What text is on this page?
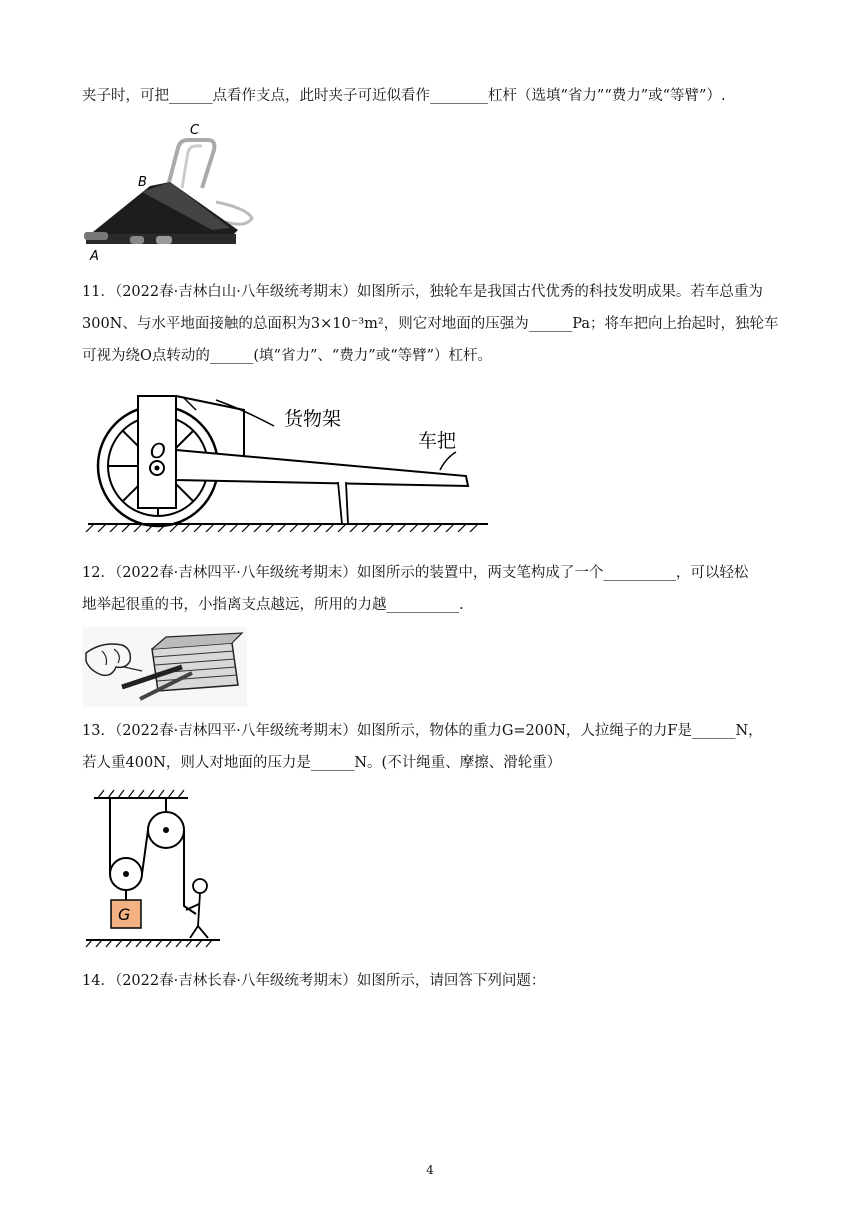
夹子时，可把______点看作支点，此时夹子可近似看作________杠杆（选填“省力”“费力”或“等臂”）.
C
B
A
11．（2022春·吉林白山·八年级统考期末）如图所示，独轮车是我国古代优秀的科技发明成果。若车总重为
300N、与水平地面接触的总面积为3×10⁻³m²，则它对地面的压强为______Pa；将车把向上抬起时，独轮车
可视为绕O点转动的______(填“省力”、“费力”或“等臂”）杠杆。
O
货物架
车把
12．（2022春·吉林四平·八年级统考期末）如图所示的装置中，两支笔构成了一个__________，可以轻松
地举起很重的书，小指离支点越远，所用的力越__________.
13．（2022春·吉林四平·八年级统考期末）如图所示，物体的重力G=200N，人拉绳子的力F是______N，
若人重400N，则人对地面的压力是______N。(不计绳重、摩擦、滑轮重）
G
14．（2022春·吉林长春·八年级统考期末）如图所示，请回答下列问题：
4
